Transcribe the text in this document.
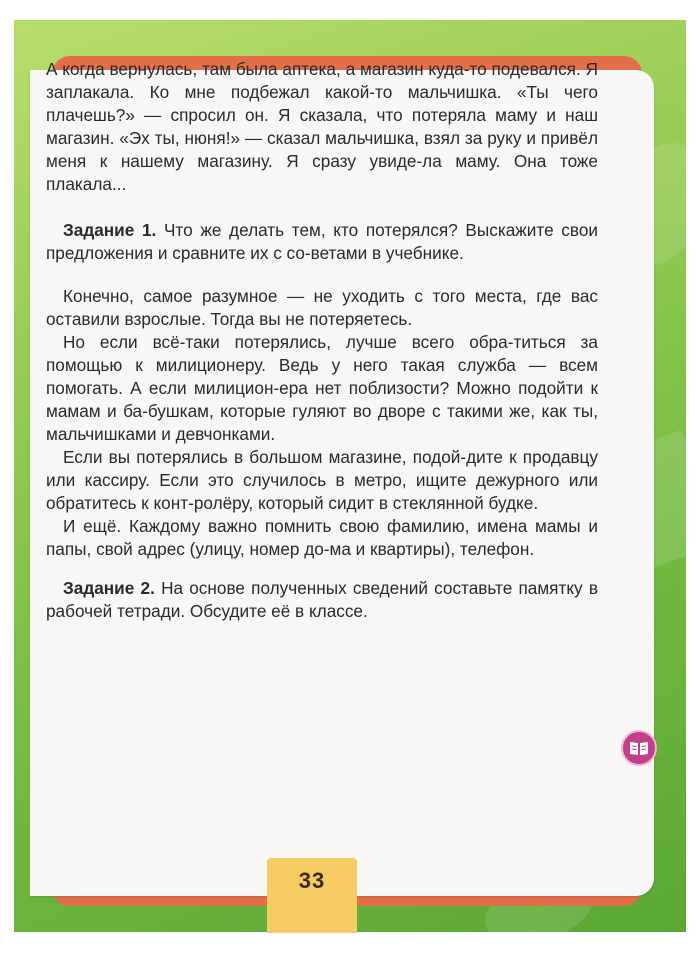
А когда вернулась, там была аптека, а магазин куда-то подевался. Я заплакала. Ко мне подбежал какой-то мальчишка. «Ты чего плачешь?» — спросил он. Я сказала, что потеряла маму и наш магазин. «Эх ты, нюня!» — сказал мальчишка, взял за руку и привёл меня к нашему магазину. Я сразу увиде-ла маму. Она тоже плакала...

Задание 1. Что же делать тем, кто потерялся? Выскажите свои предложения и сравните их с со-ветами в учебнике.

Конечно, самое разумное — не уходить с того места, где вас оставили взрослые. Тогда вы не потеряетесь.

Но если всё-таки потерялись, лучше всего обра-титься за помощью к милиционеру. Ведь у него такая служба — всем помогать. А если милицион-ера нет поблизости? Можно подойти к мамам и ба-бушкам, которые гуляют во дворе с такими же, как ты, мальчишками и девчонками.

Если вы потерялись в большом магазине, подой-дите к продавцу или кассиру. Если это случилось в метро, ищите дежурного или обратитесь к конт-ролёру, который сидит в стеклянной будке.

И ещё. Каждому важно помнить свою фамилию, имена мамы и папы, свой адрес (улицу, номер до-ма и квартиры), телефон.

Задание 2. На основе полученных сведений составьте памятку в рабочей тетради. Обсудите её в классе.

33
